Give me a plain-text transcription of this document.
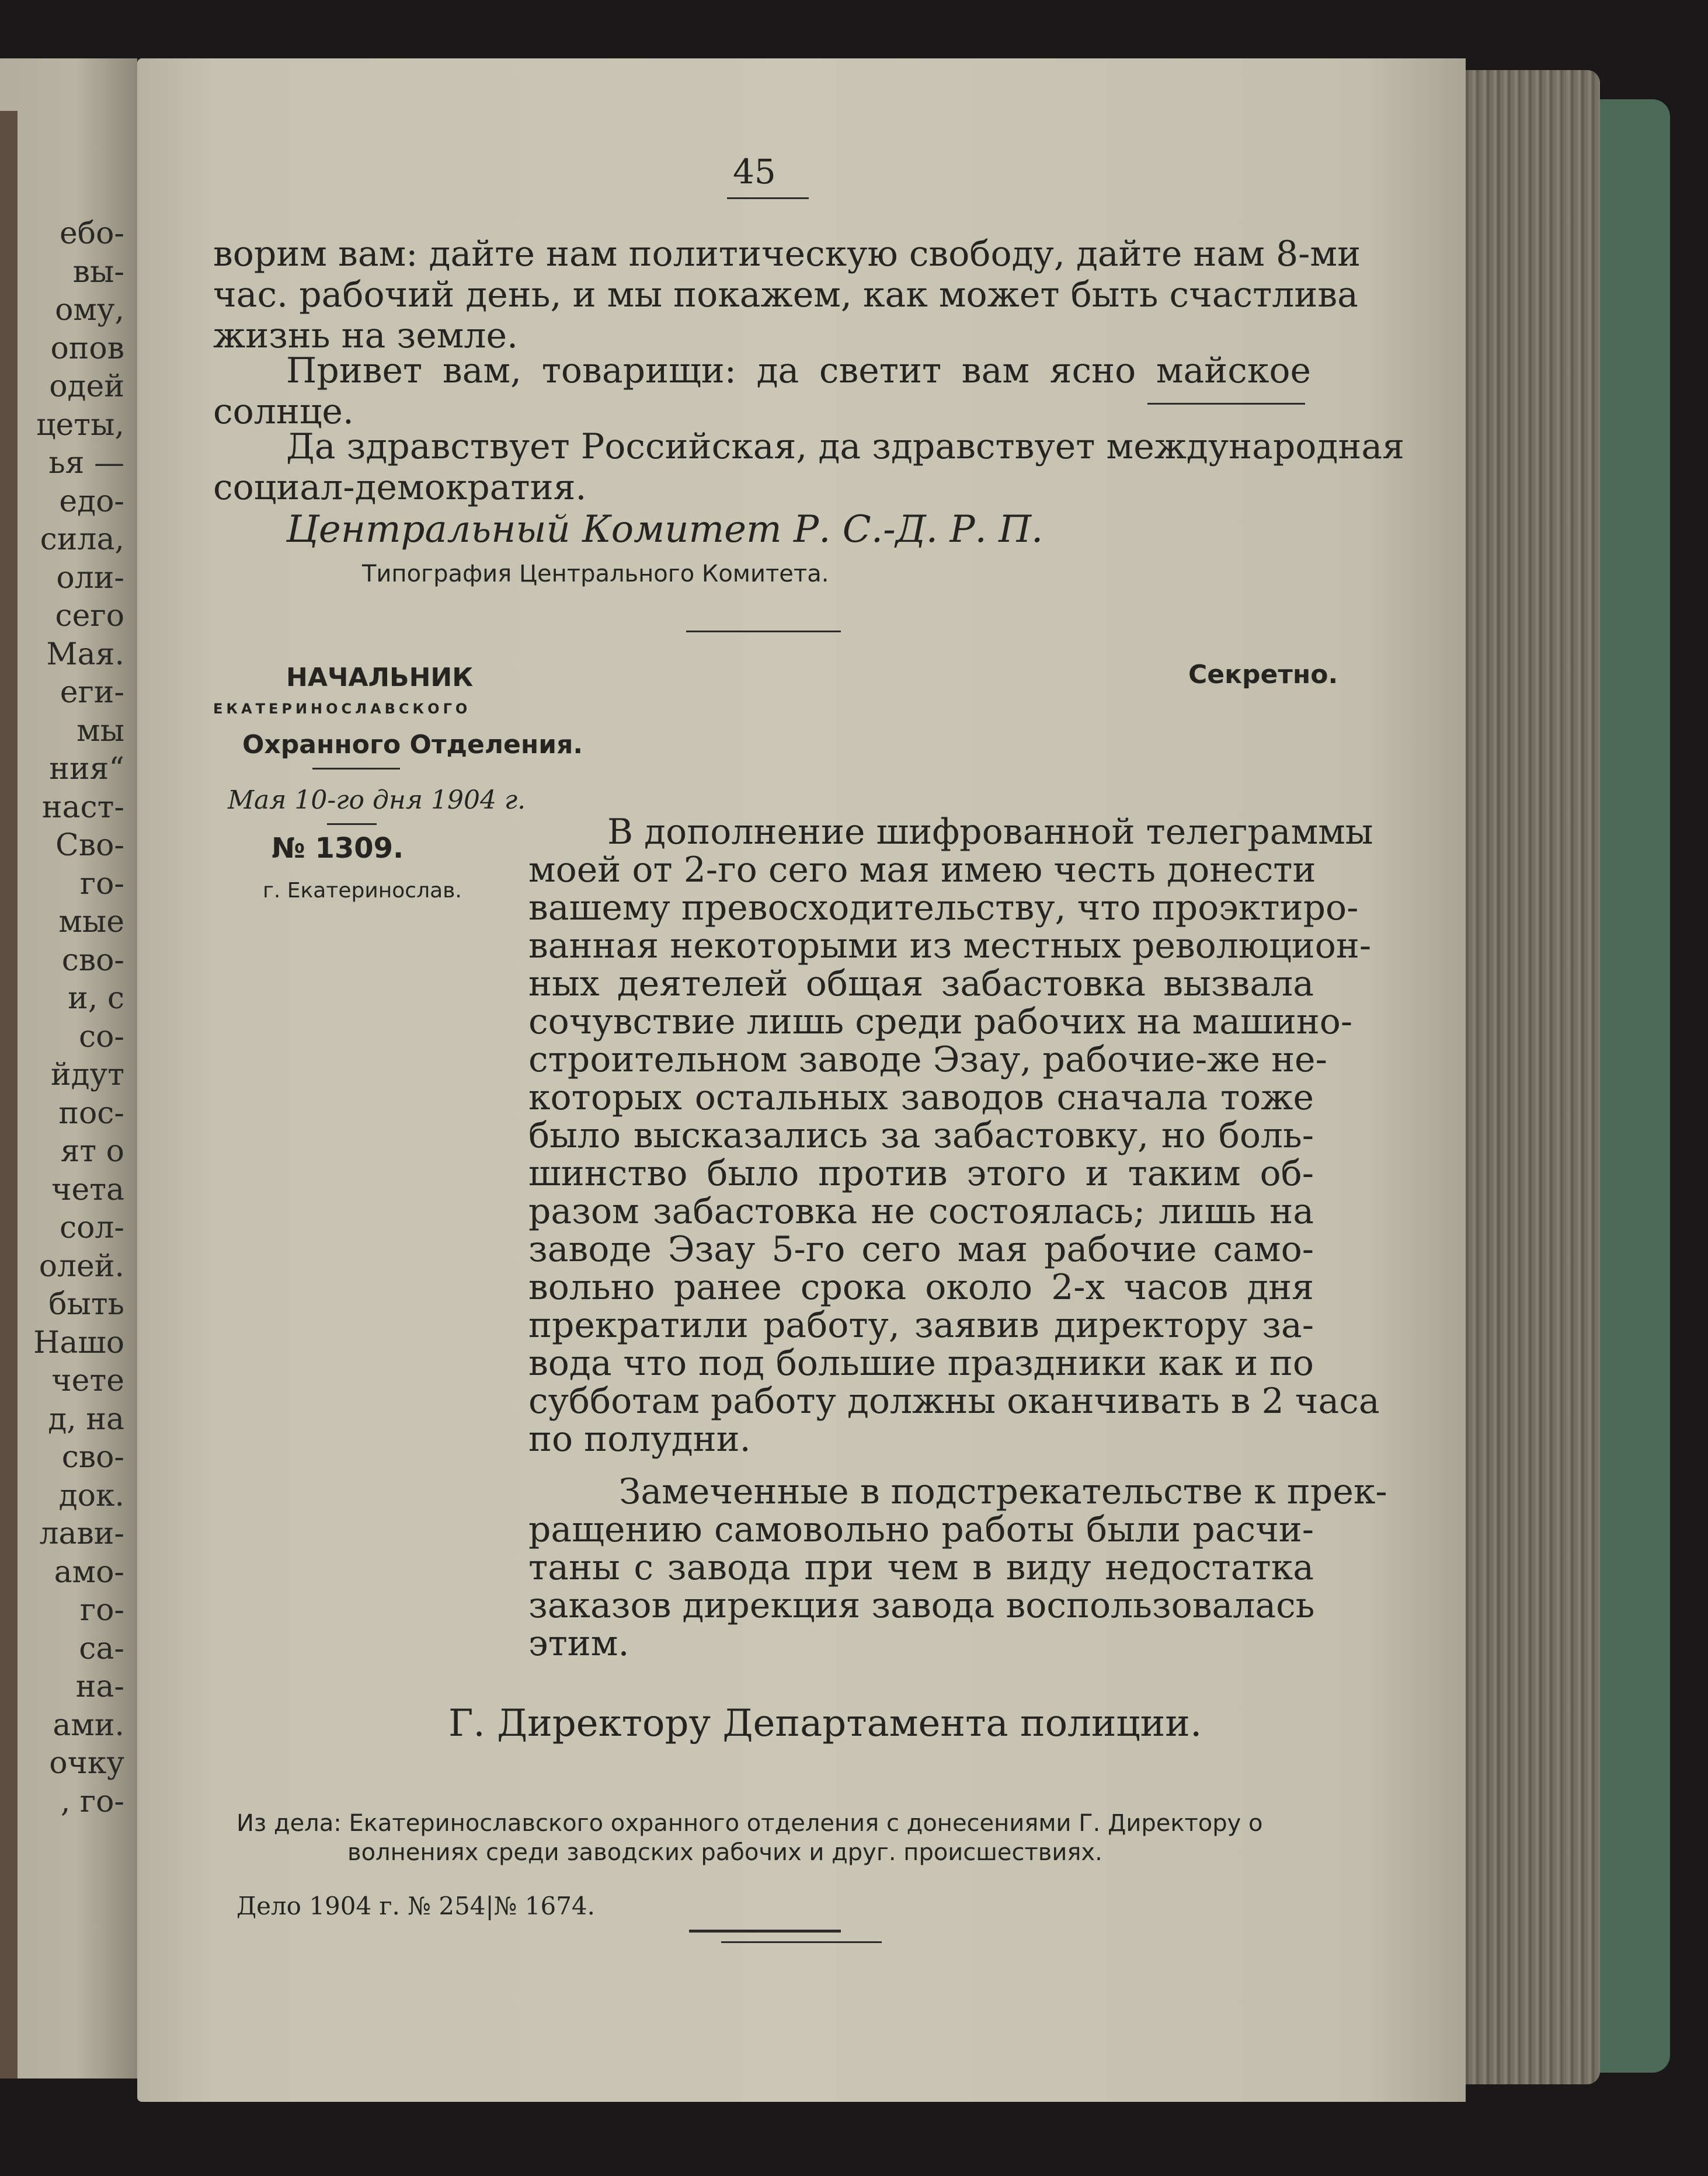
ебо-
вы-
ому,
опов
одей
цеты,
ья —
едо-
сила,
оли-
сего
Мая.
еги-
мы
ния“
наст-
Сво-
го-
мые
сво-
и, с
со-
йдут
пос-
ят о
чета
сол-
олей.
быть
Нашо
чете
д, на
сво-
док.
лави-
амо-
го-
са-
на-
ами.
очку
, го-
45
ворим вам: дайте нам политическую свободу, дайте нам 8-ми
час. рабочий день, и мы покажем, как может быть счастлива
жизнь на земле.
Привет вам, товарищи: да светит вам ясно майское
солнце.
Да здравствует Российская, да здравствует международная
социал-демократия.
Центральный Комитет Р. С.-Д. Р. П.
Типография Центрального Комитета.
НАЧАЛЬНИК
ЕКАТЕРИНОСЛАВСКОГО
Охранного Отделения.
Мая 10-го дня 1904 г.
№ 1309.
г. Екатеринослав.
Секретно.
В дополнение шифрованной телеграммы
моей от 2-го сего мая имею честь донести
вашему превосходительству, что проэктиро-
ванная некоторыми из местных революцион-
ных деятелей общая забастовка вызвала
сочувствие лишь среди рабочих на машино-
строительном заводе Эзау, рабочие-же не-
которых остальных заводов сначала тоже
было высказались за забастовку, но боль-
шинство было против этого и таким об-
разом забастовка не состоялась; лишь на
заводе Эзау 5-го сего мая рабочие само-
вольно ранее срока около 2-х часов дня
прекратили работу, заявив директору за-
вода что под большие праздники как и по
субботам работу должны оканчивать в 2 часа
по полудни.
Замеченные в подстрекательстве к прек-
ращению самовольно работы были расчи-
таны с завода при чем в виду недостатка
заказов дирекция завода воспользовалась
этим.
Г. Директору Департамента полиции.
Из дела: Екатеринославского охранного отделения с донесениями Г. Директору о
волнениях среди заводских рабочих и друг. происшествиях.
Дело 1904 г. № 254|№ 1674.
